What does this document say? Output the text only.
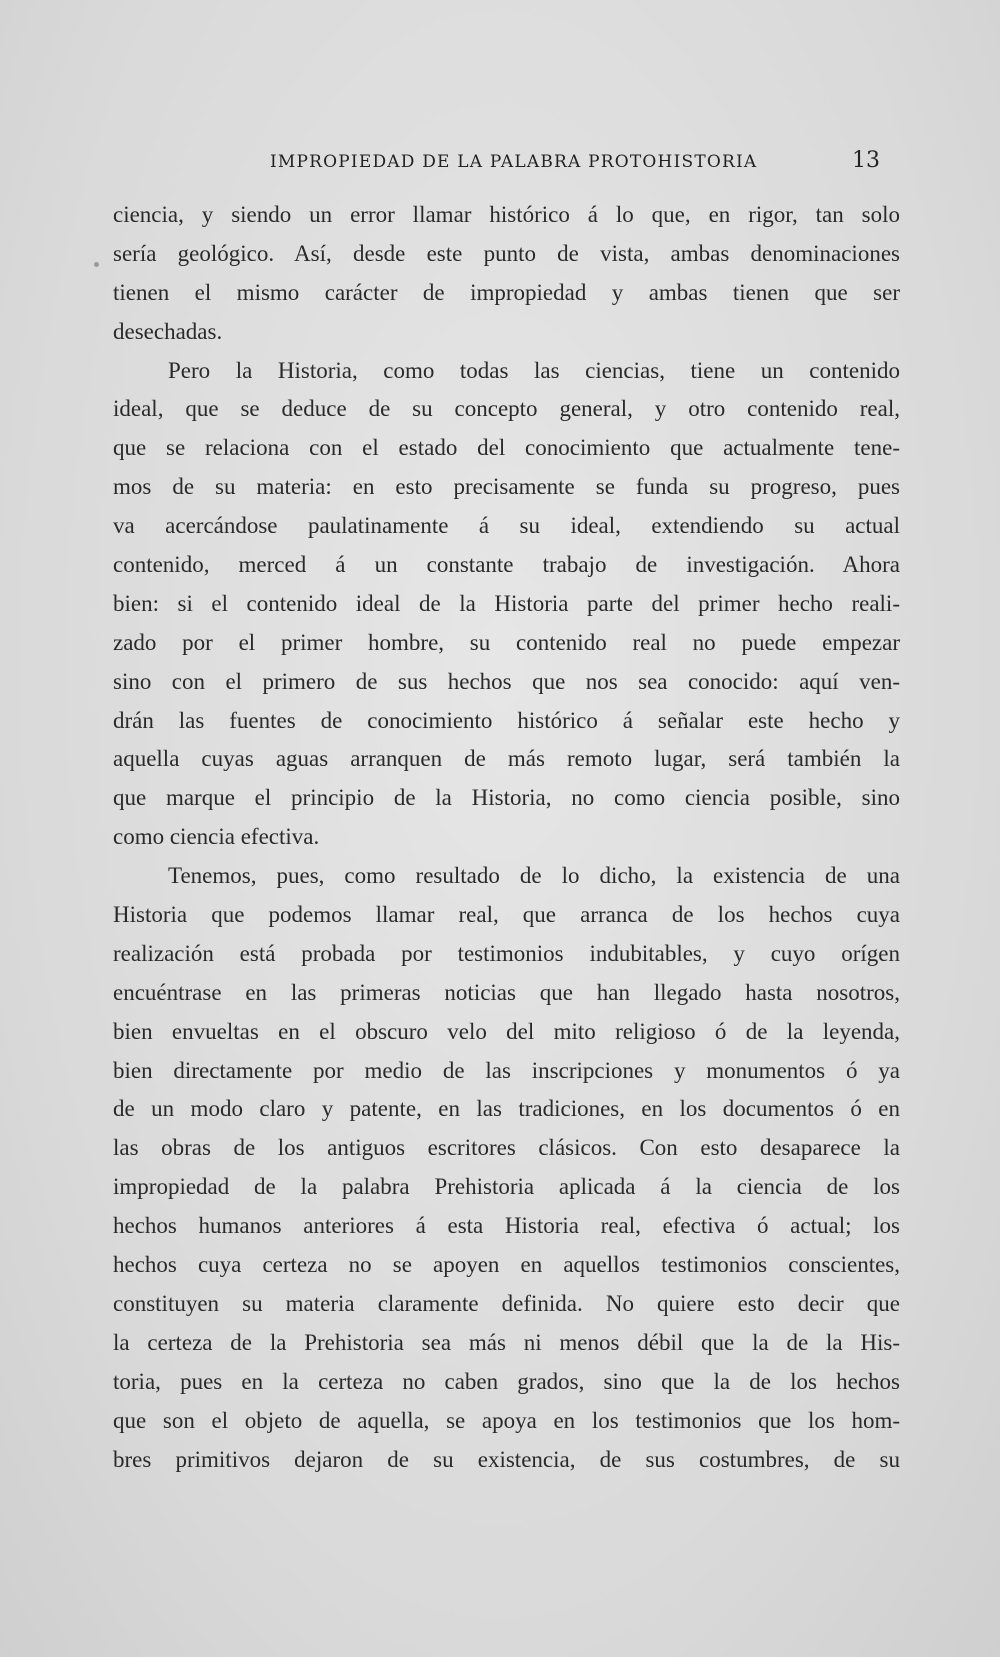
IMPROPIEDAD DE LA PALABRA PROTOHISTORIA	13
ciencia, y siendo un error llamar histórico á lo que, en rigor, tan solo
sería geológico. Así, desde este punto de vista, ambas denominaciones
tienen el mismo carácter de impropiedad y ambas tienen que ser
desechadas.
Pero la Historia, como todas las ciencias, tiene un contenido
ideal, que se deduce de su concepto general, y otro contenido real,
que se relaciona con el estado del conocimiento que actualmente tene-
mos de su materia: en esto precisamente se funda su progreso, pues
va acercándose paulatinamente á su ideal, extendiendo su actual
contenido, merced á un constante trabajo de investigación. Ahora
bien: si el contenido ideal de la Historia parte del primer hecho reali-
zado por el primer hombre, su contenido real no puede empezar
sino con el primero de sus hechos que nos sea conocido: aquí ven-
drán las fuentes de conocimiento histórico á señalar este hecho y
aquella cuyas aguas arranquen de más remoto lugar, será también la
que marque el principio de la Historia, no como ciencia posible, sino
como ciencia efectiva.
Tenemos, pues, como resultado de lo dicho, la existencia de una
Historia que podemos llamar real, que arranca de los hechos cuya
realización está probada por testimonios indubitables, y cuyo orígen
encuéntrase en las primeras noticias que han llegado hasta nosotros,
bien envueltas en el obscuro velo del mito religioso ó de la leyenda,
bien directamente por medio de las inscripciones y monumentos ó ya
de un modo claro y patente, en las tradiciones, en los documentos ó en
las obras de los antiguos escritores clásicos. Con esto desaparece la
impropiedad de la palabra Prehistoria aplicada á la ciencia de los
hechos humanos anteriores á esta Historia real, efectiva ó actual; los
hechos cuya certeza no se apoyen en aquellos testimonios conscientes,
constituyen su materia claramente definida. No quiere esto decir que
la certeza de la Prehistoria sea más ni menos débil que la de la His-
toria, pues en la certeza no caben grados, sino que la de los hechos
que son el objeto de aquella, se apoya en los testimonios que los hom-
bres primitivos dejaron de su existencia, de sus costumbres, de su
